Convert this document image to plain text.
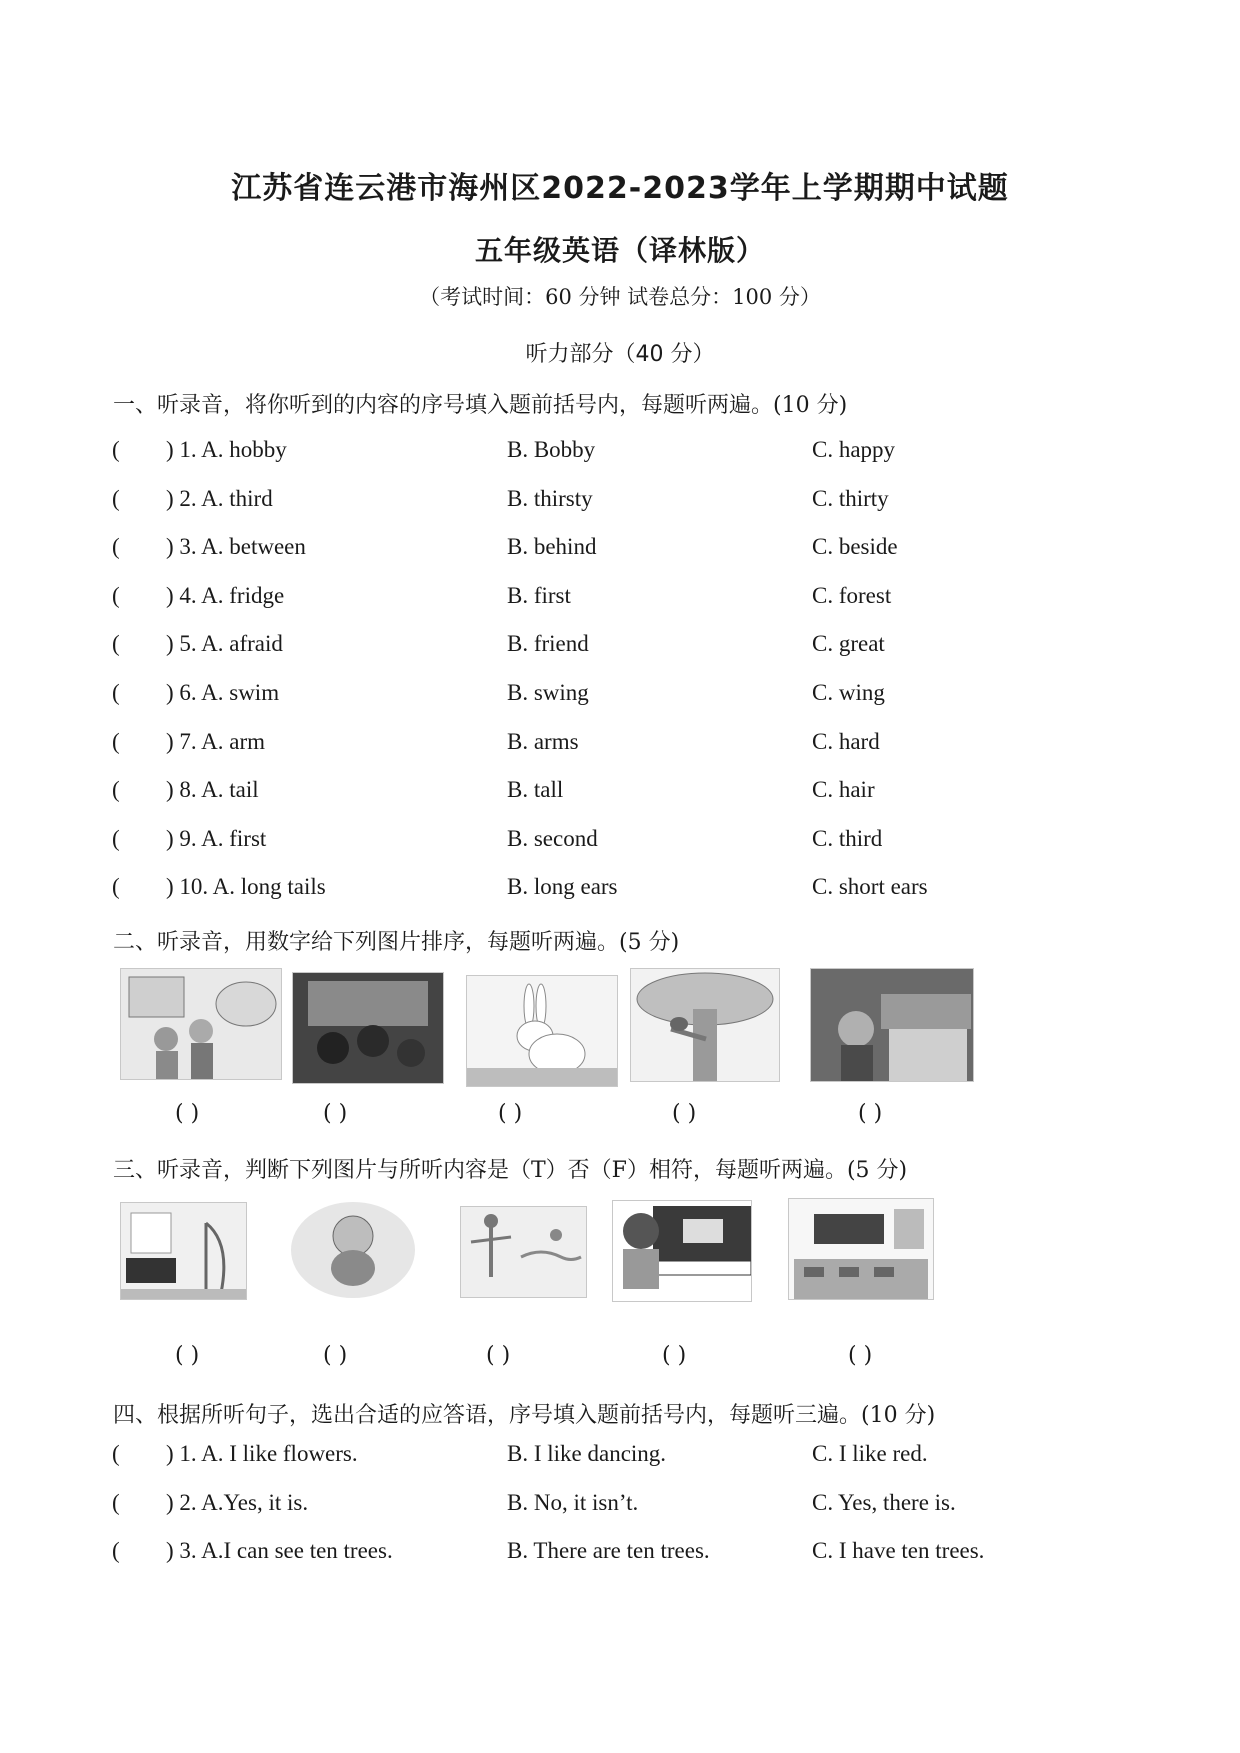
江苏省连云港市海州区2022-2023学年上学期期中试题
五年级英语（译林版）
（考试时间：60 分钟 试卷总分：100 分）
听力部分（40 分）
一、听录音，将你听到的内容的序号填入题前括号内，每题听两遍。(10 分)
( ) 1. A. hobby	B. Bobby	C. happy
( ) 2. A. third	B. thirsty	C. thirty
( ) 3. A. between	B. behind	C. beside
( ) 4. A. fridge	B. first	C. forest
( ) 5. A. afraid	B. friend	C. great
( ) 6. A. swim	B. swing	C. wing
( ) 7. A. arm	B. arms	C. hard
( ) 8. A. tail	B. tall	C. hair
( ) 9. A. first	B. second	C. third
( ) 10. A. long tails	B. long ears	C. short ears
二、听录音，用数字给下列图片排序，每题听两遍。(5 分)
( )	( )	( )	( )	( )
三、听录音，判断下列图片与所听内容是（T）否（F）相符，每题听两遍。(5 分)
( )	( )	( )	( )	( )
四、根据所听句子，选出合适的应答语，序号填入题前括号内，每题听三遍。(10 分)
( ) 1. A. I like flowers.	B. I like dancing.	C. I like red.
( ) 2. A.Yes, it is.	B. No, it isn’t.	C. Yes, there is.
( ) 3. A.I can see ten trees.	B. There are ten trees.	C. I have ten trees.
